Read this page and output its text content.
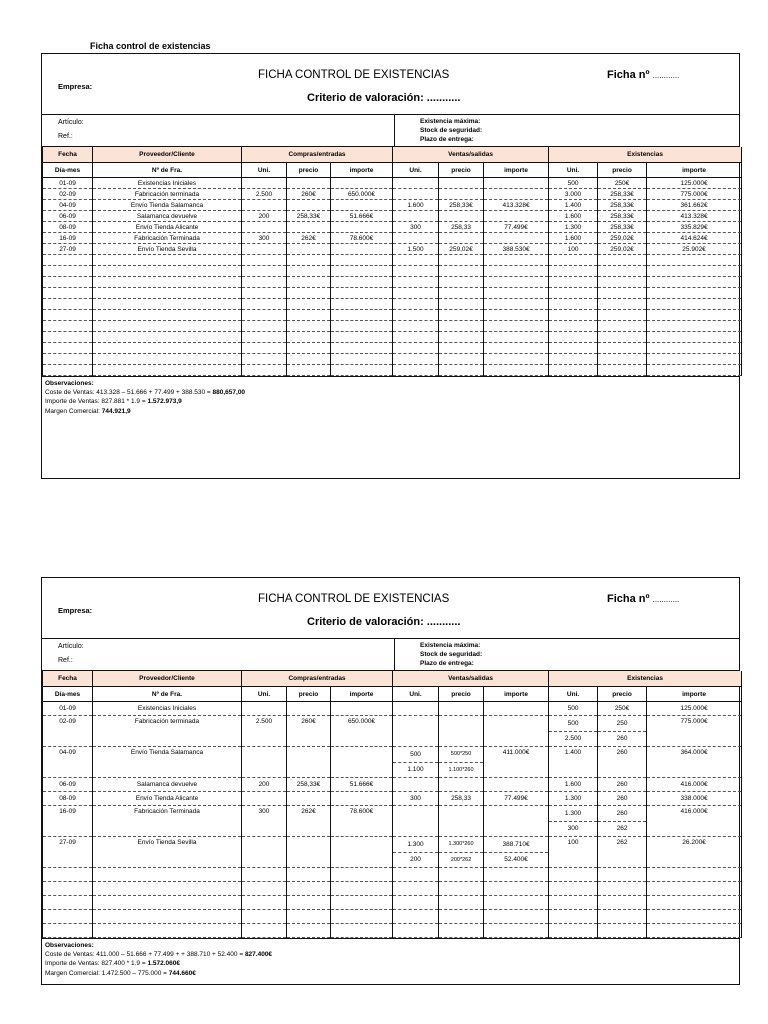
Ficha control de existencias
Empresa:
FICHA CONTROL DE EXISTENCIAS
Criterio de valoración: ...........
Ficha nº ............
Artículo:
Ref.:
Existencia máxima:
Stock de seguridad:
Plazo de entrega:
Fecha	Proveedor/Cliente	Compras/entradas			Ventas/salidas			Existencias		
Día-mes	Nº de Fra.	Uni.	precio	importe	Uni.	precio	importe	Uni.	precio	importe
01-09	Existencias Iniciales							500	250€	125.000€
02-09	Fabricación terminada	2.500	260€	650.000€				3.000	258,33€	775.000€
04-09	Envío Tienda Salamanca				1.600	258,33€	413.328€	1.400	258,33€	361.662€
06-09	Salamanca devuelve	200	258,33€	51.666€				1.600	258,33€	413.328€
08-09	Envío Tienda Alicante				300	258,33	77.499€	1.300	258,33€	335.829€
16-09	Fabricación Terminada	300	262€	78.600€				1.600	259,02€	414.624€
27-09	Envío Tienda Sevilla				1.500	259,02€	388.530€	100	259,02€	25.902€

Observaciones:
Coste de Ventas: 413.328 – 51.666 + 77.499 + 388.530 = 880,657,00
Importe de Ventas: 827.881 * 1.9 = 1.572.973,9
Margen Comercial: 744.921,9
Empresa:
FICHA CONTROL DE EXISTENCIAS
Criterio de valoración: ...........
Ficha nº ............
Artículo:
Ref.:
Existencia máxima:
Stock de seguridad:
Plazo de entrega:
Fecha	Proveedor/Cliente	Compras/entradas			Ventas/salidas			Existencias		
Día-mes	Nº de Fra.	Uni.	precio	importe	Uni.	precio	importe	Uni.	precio	importe
01-09	Existencias Iniciales							500	250€	125.000€
02-09	Fabricación terminada	2.500	260€	650.000€				500	250	775.000€
								2.500	260	
04-09	Envío Tienda Salamanca				500	500*250	411.000€	1.400	260	364.000€
					1.100	1.100*260				
06-09	Salamanca devuelve	200	258,33€	51.666€				1.600	260	416.000€
08-09	Envío Tienda Alicante				300	258,33	77.499€	1.300	260	338.000€
16-09	Fabricación Terminada	300	262€	78.600€				1.300	260	416.000€
								300	262	
27-09	Envío Tienda Sevilla				1.300	1.300*260	388.710€	100	262	26.200€
					200	200*262	52.400€			

Observaciones:
Coste de Ventas: 411.000 – 51.666 + 77.499 + + 388.710 + 52.400 = 827.400€
Importe de Ventas: 827.400 * 1.9 = 1.572.060€
Margen Comercial: 1.472.500 – 775.000 = 744.660€
